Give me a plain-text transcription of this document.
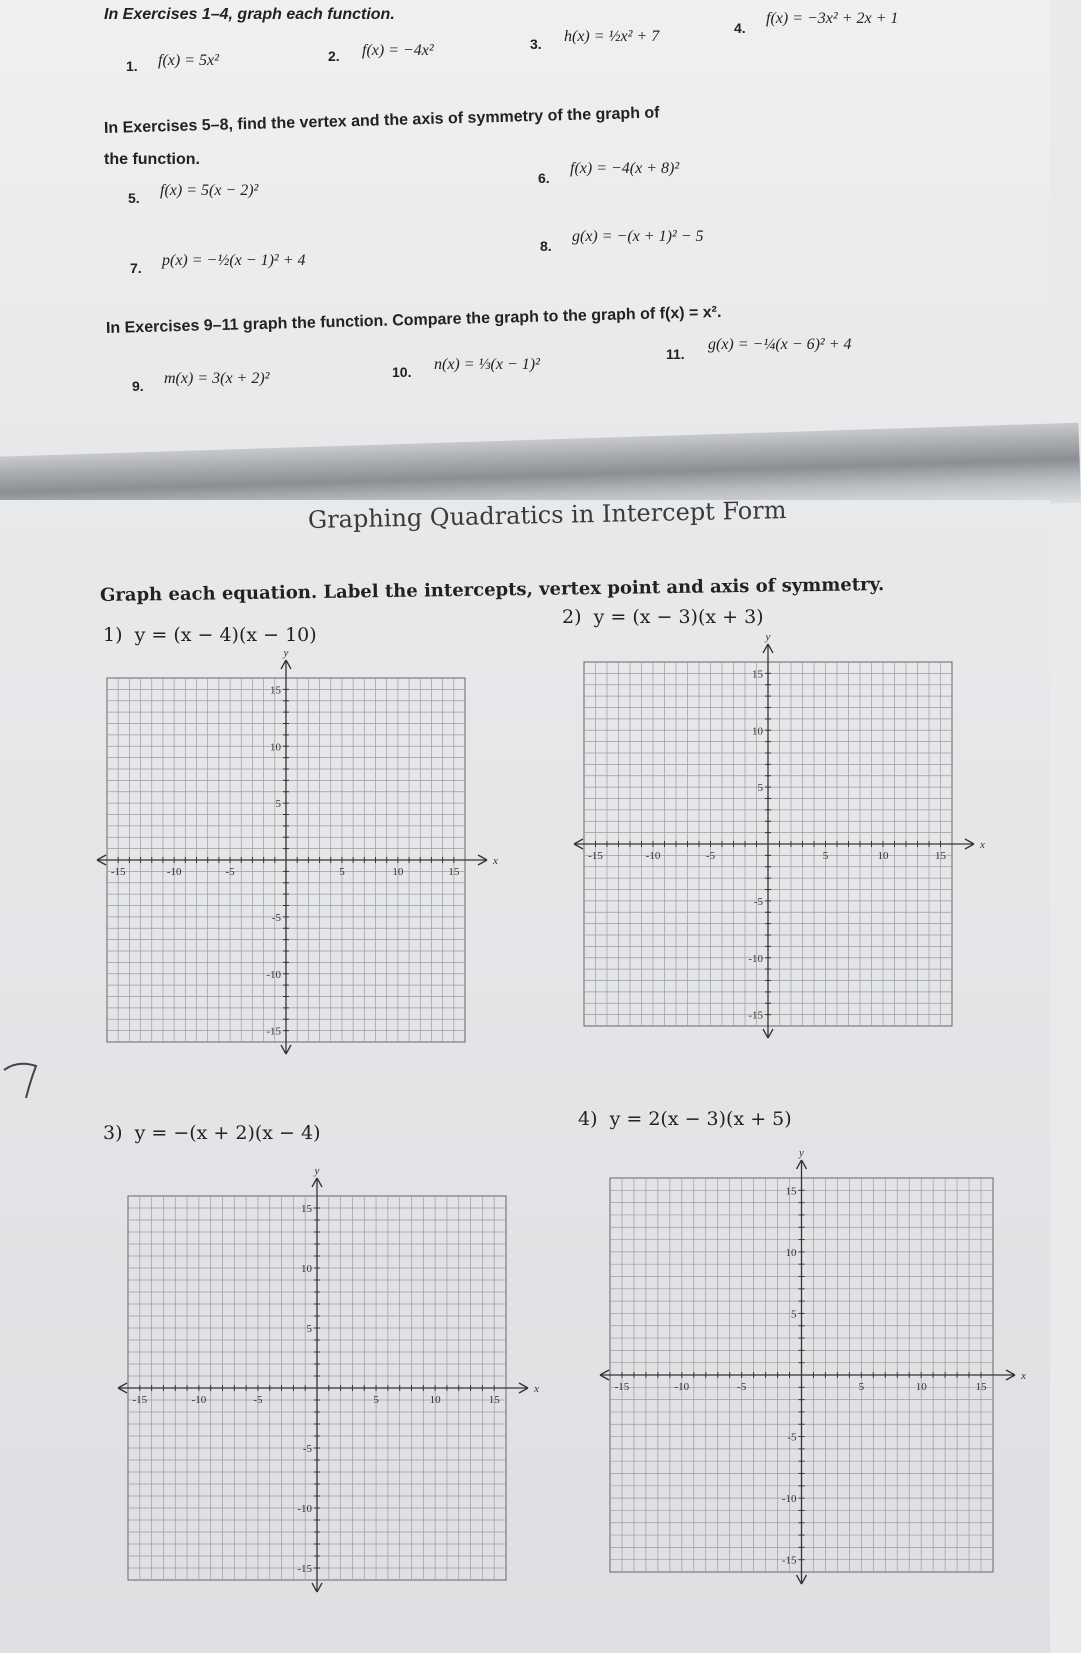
In Exercises 1–4, graph each function.
1. f(x) = 5x²	2. f(x) = −4x²	3. h(x) = ½x² + 7	4.
f(x) = −3x² + 2x + 1
In Exercises 5–8, find the vertex and the axis of symmetry of the graph of
the function.
5. f(x) = 5(x − 2)²
6.
f(x) = −4(x + 8)²
7. p(x) = −½(x − 1)² + 4
8.
g(x) = −(x + 1)² − 5
In Exercises 9–11 graph the function. Compare the graph to the graph of f(x) = x².
9. m(x) = 3(x + 2)²	10. n(x) = ⅓(x − 1)²
11.
g(x) = −¼(x − 6)² + 4
Graphing Quadratics in Intercept Form
Graph each equation. Label the intercepts, vertex point and axis of symmetry.
1) y = (x − 4)(x − 10)
2) y = (x − 3)(x + 3)
3) y = −(x + 2)(x − 4)
4) y = 2(x − 3)(x + 5)
-15	-10	-5	5	10	15
15
10
5
-5
-10
-15
x
y
-15	-10	-5	5	10	15
15
10
5
-5
-10
-15
x
y
-15	-10	-5	5	10	15
15
10
5
-5
-10
-15
x
y
-15	-10	-5	5	10	15
15
10
5
-5
-10
-15
x
y
